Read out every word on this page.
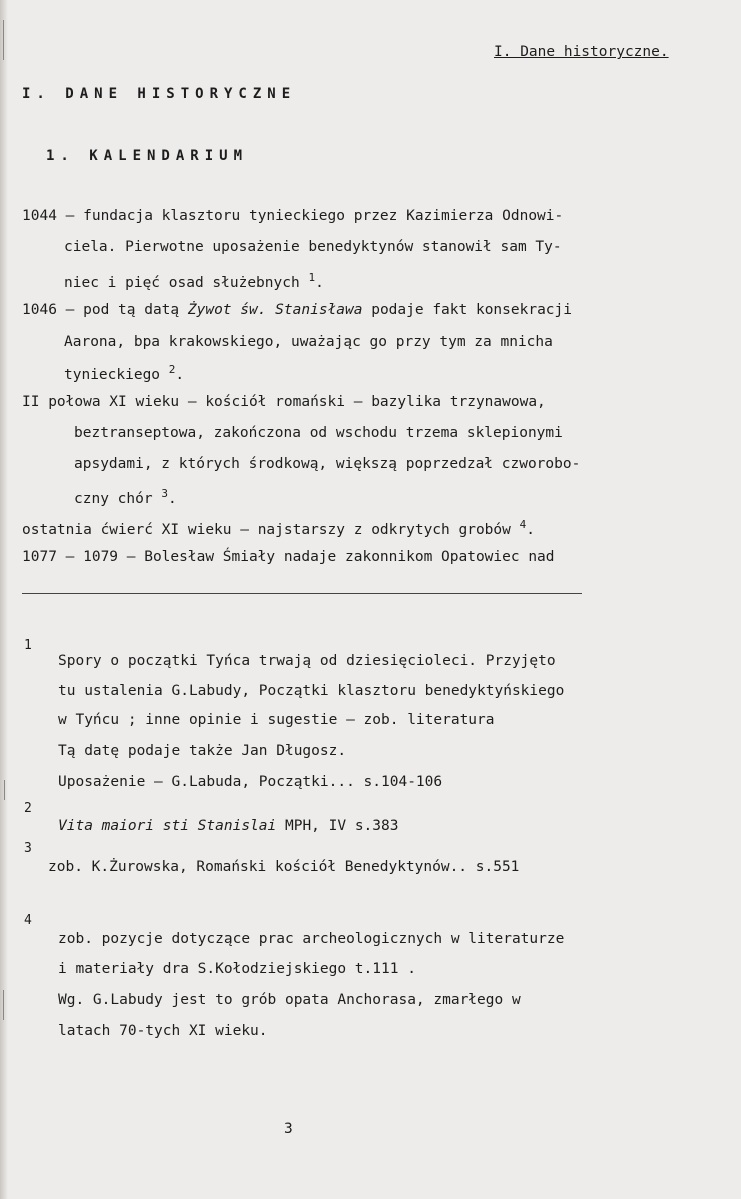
I. Dane historyczne.
I. DANE HISTORYCZNE
1. KALENDARIUM
1044 – fundacja klasztoru tynieckiego przez Kazimierza Odnowi-
ciela. Pierwotne uposażenie benedyktynów stanowił sam Ty-
niec i pięć osad służebnych $^1$.
1046 – pod tą datą Żywot św. Stanisława podaje fakt konsekracji
Aarona, bpa krakowskiego, uważając go przy tym za mnicha
tynieckiego $^2$.
II połowa XI wieku – kościół romański – bazylika trzynawowa,
beztranseptowa, zakończona od wschodu trzema sklepionymi
apsydami, z których środkową, większą poprzedzał czworobo-
czny chór $^3$.
ostatnia ćwierć XI wieku – najstarszy z odkrytych grobów $^4$.
1077 – 1079 – Bolesław Śmiały nadaje zakonnikom Opatowiec nad
1
Spory o początki Tyńca trwają od dziesięcioleci. Przyjęto
tu ustalenia G.Labudy, Początki klasztoru benedyktyńskiego
w Tyńcu ; inne opinie i sugestie – zob. literatura
Tą datę podaje także Jan Długosz.
Uposażenie – G.Labuda, Początki... s.104-106
2
Vita maiori sti Stanislai MPH, IV s.383
3
zob. K.Żurowska, Romański kościół Benedyktynów.. s.551
4
zob. pozycje dotyczące prac archeologicznych w literaturze
i materiały dra S.Kołodziejskiego t.111 .
Wg. G.Labudy jest to grób opata Anchorasa, zmarłego w
latach 70-tych XI wieku.
3
